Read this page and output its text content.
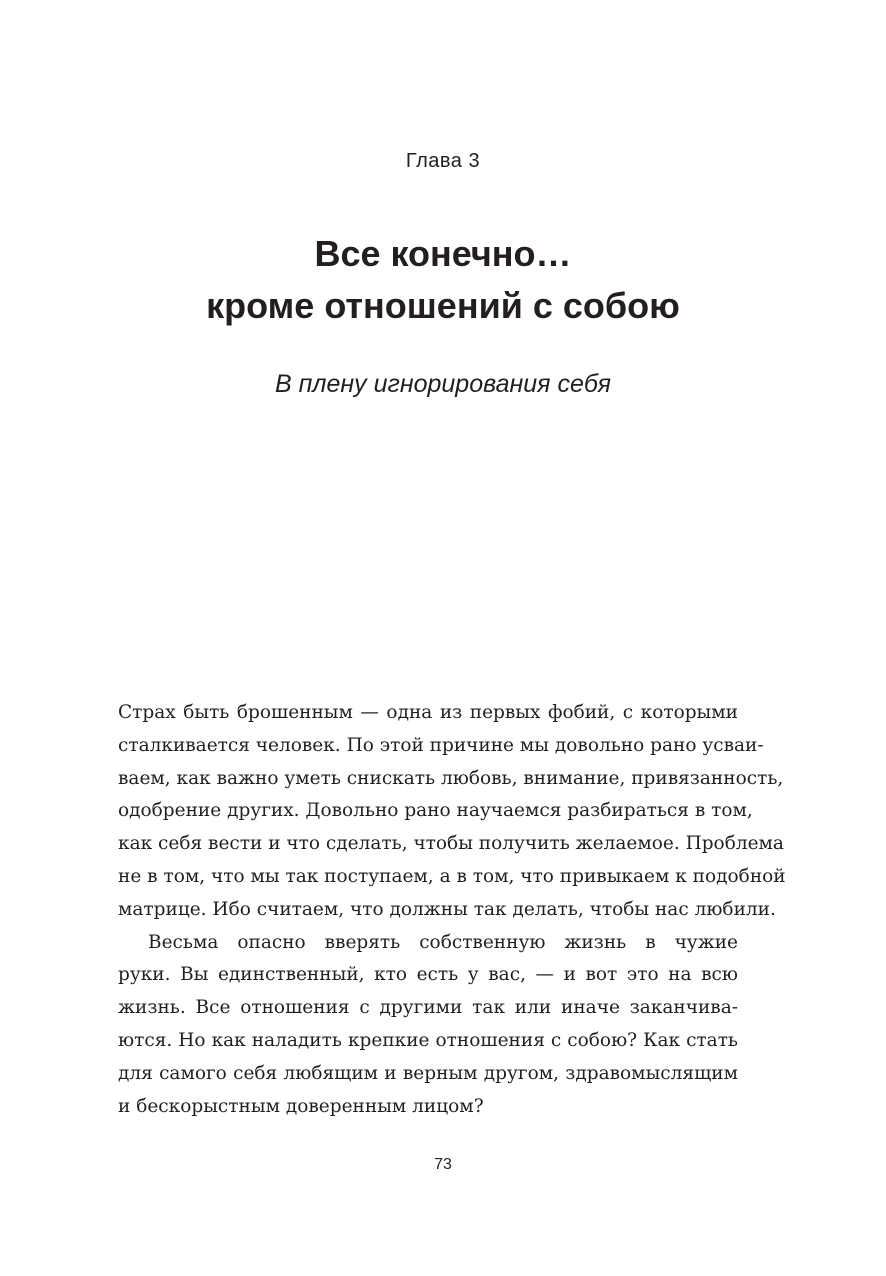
Глава 3
Все конечно…
кроме отношений с собою
В плену игнорирования себя
Страх быть брошенным — одна из первых фобий, с которыми
сталкивается человек. По этой причине мы довольно рано усваи-
ваем, как важно уметь снискать любовь, внимание, привязанность,
одобрение других. Довольно рано научаемся разбираться в том,
как себя вести и что сделать, чтобы получить желаемое. Проблема
не в том, что мы так поступаем, а в том, что привыкаем к подобной
матрице. Ибо считаем, что должны так делать, чтобы нас любили.
Весьма опасно вверять собственную жизнь в чужие
руки. Вы единственный, кто есть у вас, — и вот это на всю
жизнь. Все отношения с другими так или иначе заканчива-
ются. Но как наладить крепкие отношения с собою? Как стать
для самого себя любящим и верным другом, здравомыслящим
и бескорыстным доверенным лицом?
73
